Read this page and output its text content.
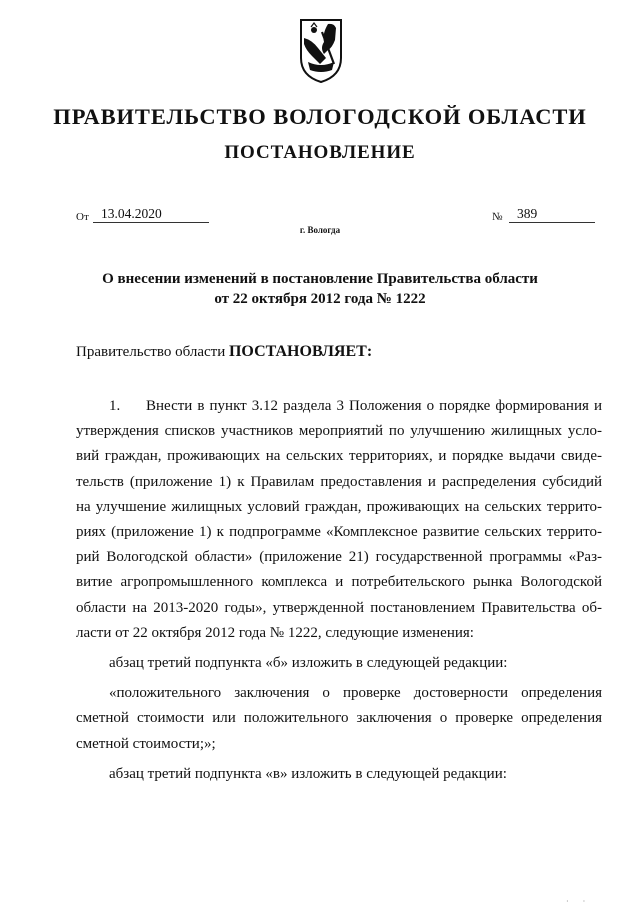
ПРАВИТЕЛЬСТВО ВОЛОГОДСКОЙ ОБЛАСТИ
ПОСТАНОВЛЕНИЕ
От 13.04.2020	№	389
г. Вологда
О внесении изменений в постановление Правительства области
от 22 октября 2012 года № 1222
Правительство области ПОСТАНОВЛЯЕТ:

1. Внести в пункт 3.12 раздела 3 Положения о порядке формирования и

утверждения списков участников мероприятий по улучшению жилищных усло-

вий граждан, проживающих на сельских территориях, и порядке выдачи свиде-

тельств (приложение 1) к Правилам предоставления и распределения субсидий

на улучшение жилищных условий граждан, проживающих на сельских террито-

риях (приложение 1) к подпрограмме «Комплексное развитие сельских террито-

рий Вологодской области» (приложение 21) государственной программы «Раз-

витие агропромышленного комплекса и потребительского рынка Вологодской

области на 2013-2020 годы», утвержденной постановлением Правительства об-

ласти от 22 октября 2012 года № 1222, следующие изменения:

абзац третий подпункта «б» изложить в следующей редакции:

«положительного заключения о проверке достоверности определения

сметной стоимости или положительного заключения о проверке определения

сметной стоимости;»;

абзац третий подпункта «в» изложить в следующей редакции:

· ·
